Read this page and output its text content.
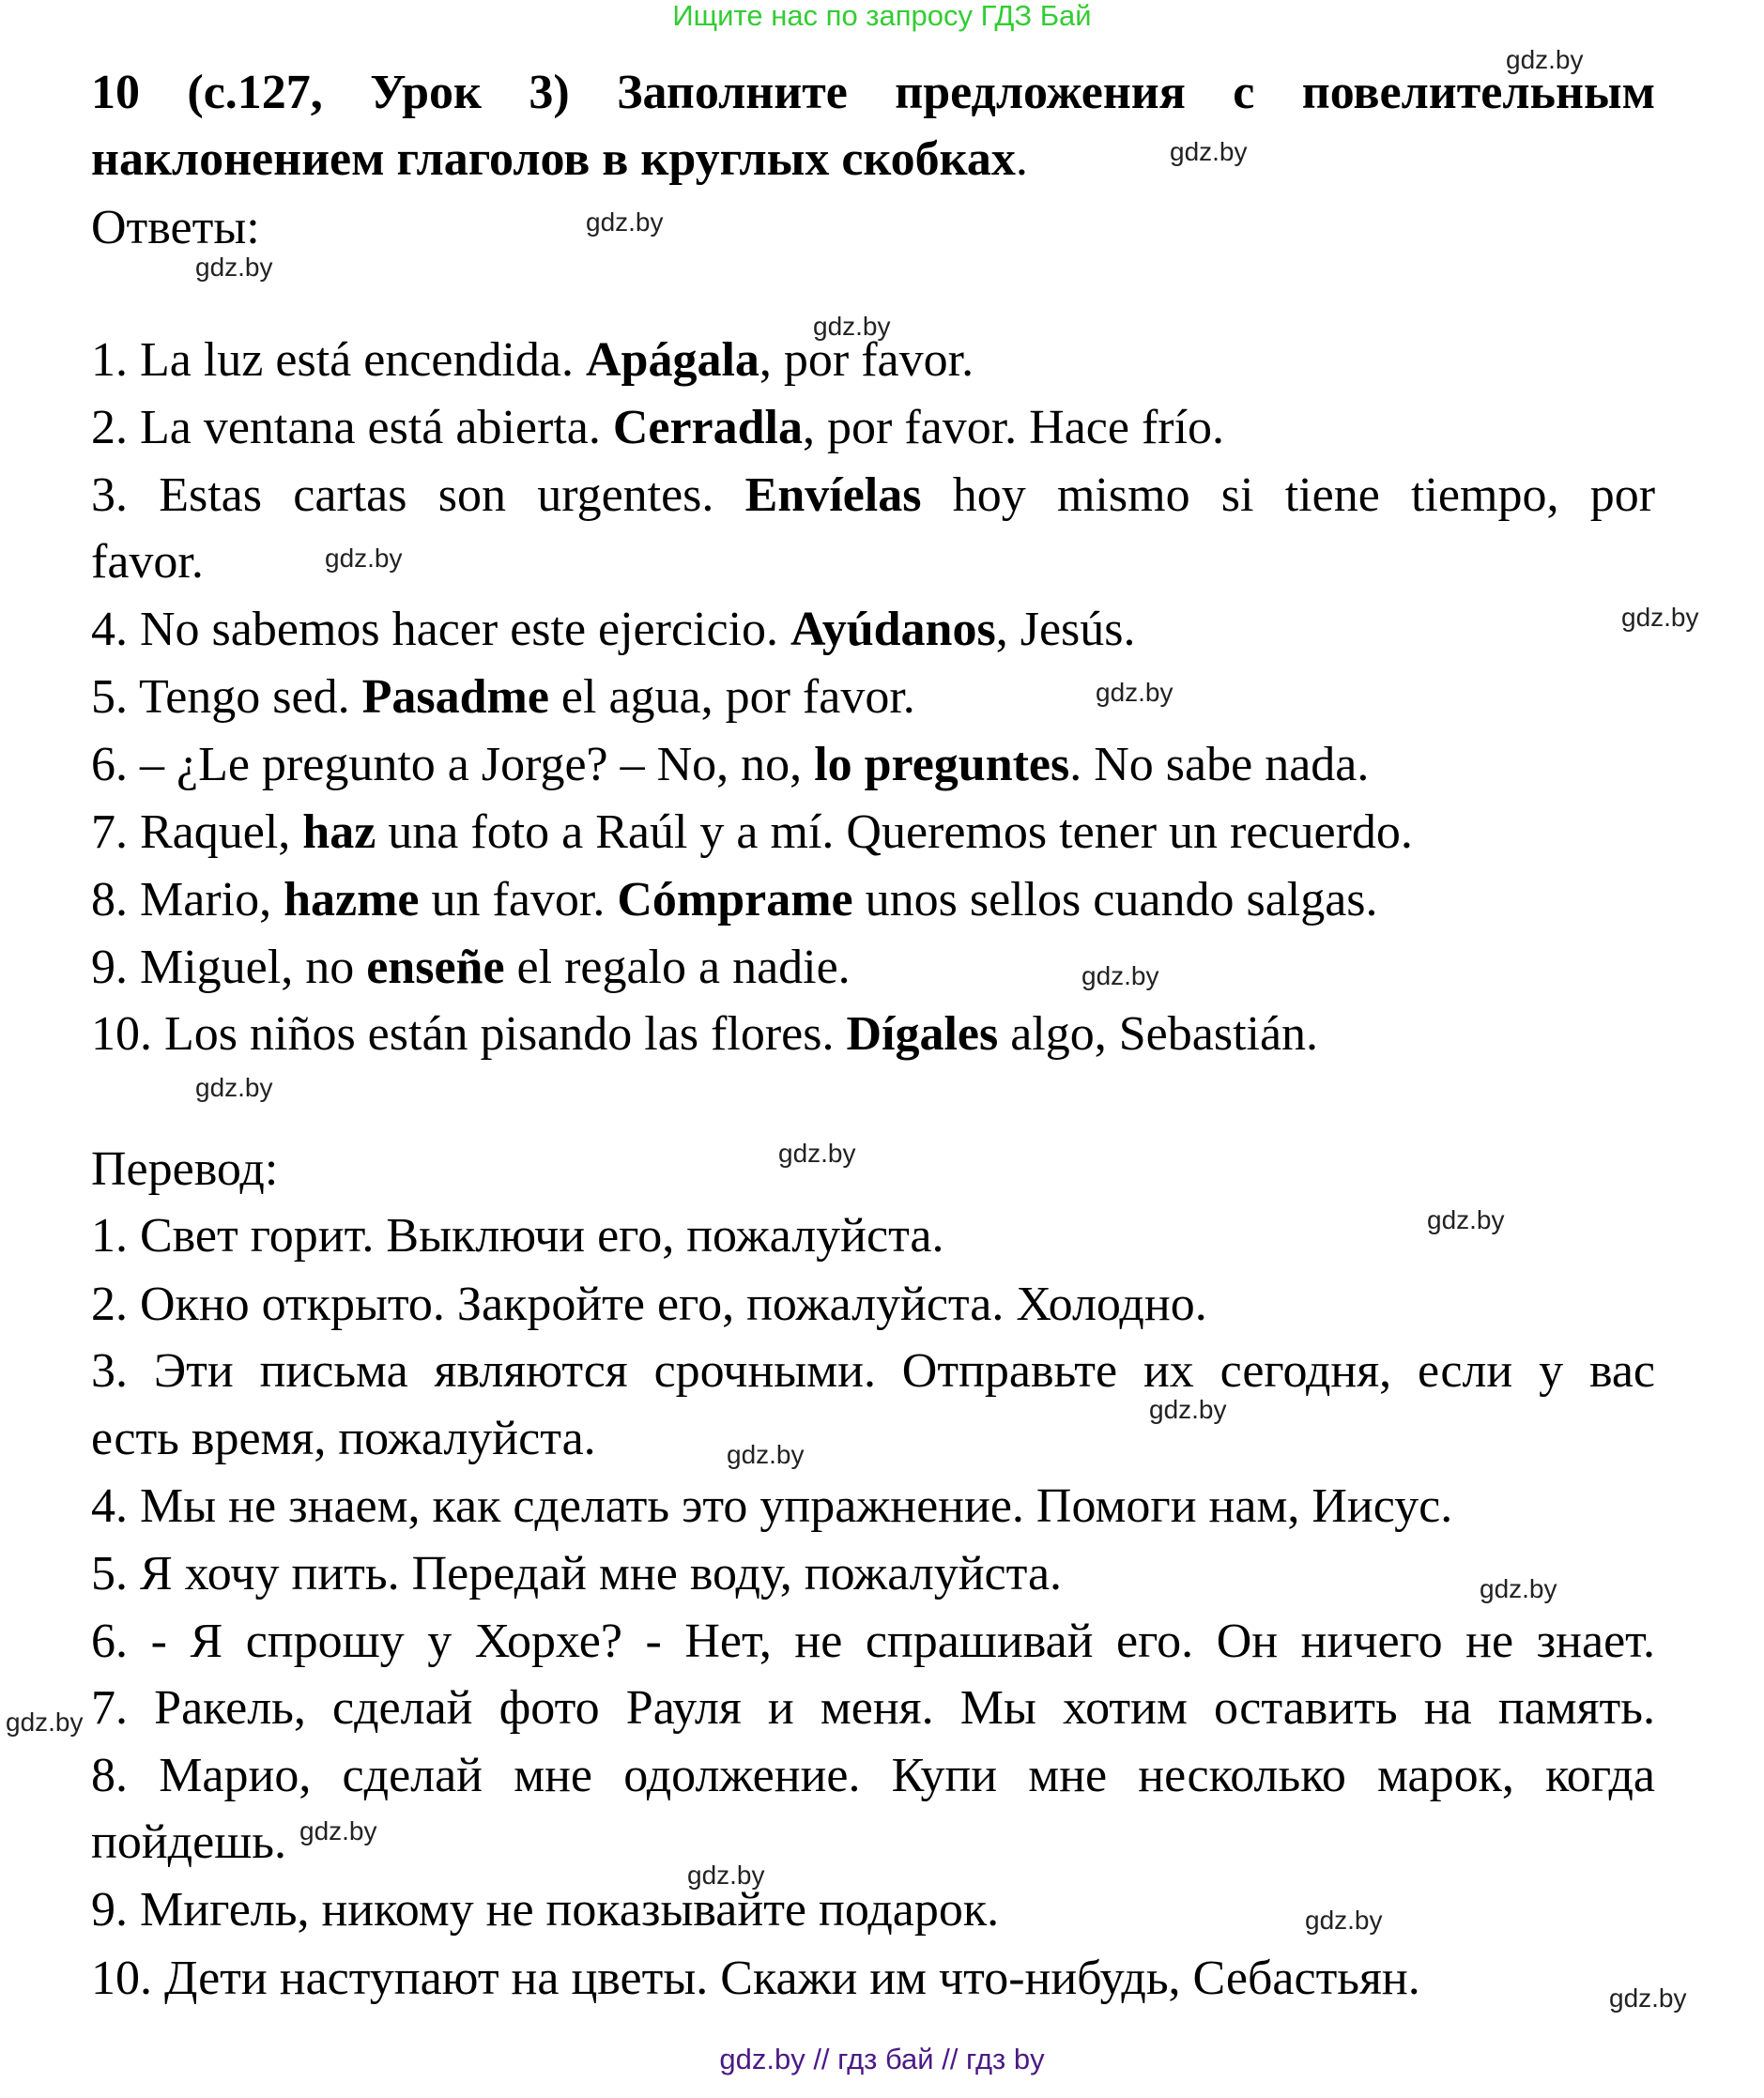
Ищите нас по запросу ГДЗ Бай
10 (с.127, Урок 3) Заполните предложения с повелительным
наклонением глаголов в круглых скобках.
Ответы:
1. La luz está encendida. Apágala, por favor.
2. La ventana está abierta. Cerradla, por favor. Hace frío.
3. Estas cartas son urgentes. Envíelas hoy mismo si tiene tiempo, por
favor.
4. No sabemos hacer este ejercicio. Ayúdanos, Jesús.
5. Tengo sed. Pasadme el agua, por favor.
6. – ¿Le pregunto a Jorge? – No, no, lo preguntes. No sabe nada.
7. Raquel, haz una foto a Raúl y a mí. Queremos tener un recuerdo.
8. Mario, hazme un favor. Cómprame unos sellos cuando salgas.
9. Miguel, no enseñe el regalo a nadie.
10. Los niños están pisando las flores. Dígales algo, Sebastián.
Перевод:
1. Свет горит. Выключи его, пожалуйста.
2. Окно открыто. Закройте его, пожалуйста. Холодно.
3. Эти письма являются срочными. Отправьте их сегодня, если у вас
есть время, пожалуйста.
4. Мы не знаем, как сделать это упражнение. Помоги нам, Иисус.
5. Я хочу пить. Передай мне воду, пожалуйста.
6. - Я спрошу у Хорхе? - Нет, не спрашивай его. Он ничего не знает.
7. Ракель, сделай фото Рауля и меня. Мы хотим оставить на память.
8. Марио, сделай мне одолжение. Купи мне несколько марок, когда
пойдешь.
9. Мигель, никому не показывайте подарок.
10. Дети наступают на цветы. Скажи им что-нибудь, Себастьян.
gdz.by
gdz.by
gdz.by
gdz.by
gdz.by
gdz.by
gdz.by
gdz.by
gdz.by
gdz.by
gdz.by
gdz.by
gdz.by
gdz.by
gdz.by
gdz.by
gdz.by
gdz.by
gdz.by
gdz.by
gdz.by // гдз бай // гдз by
